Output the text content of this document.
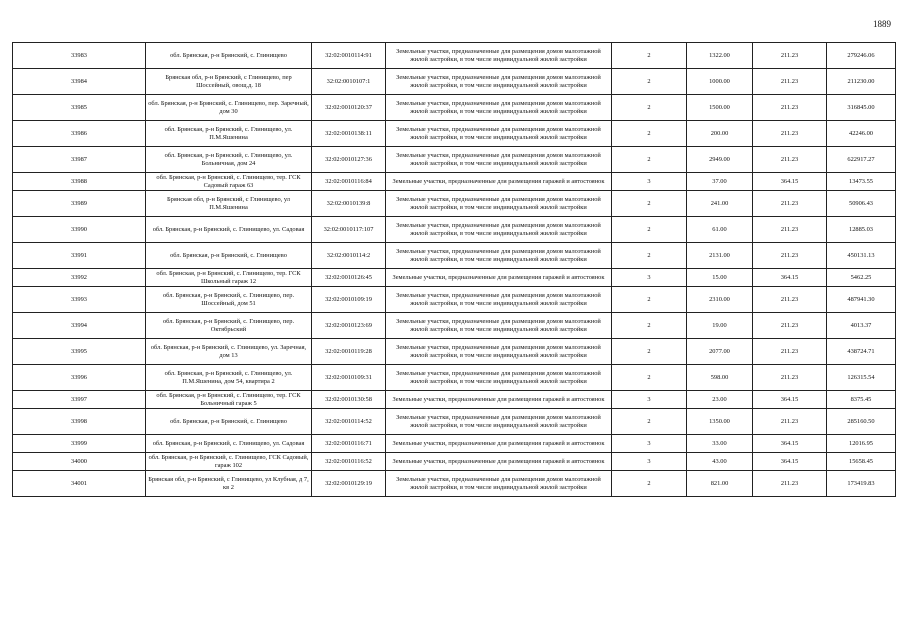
1889
33983	обл. Брянская, р-н Брянский, с. Глинищево	32:02:0010114:91	Земельные участки, предназначенные для размещения домов малоэтажной жилой застройки, в том числе индивидуальной жилой застройки	2	1322.00	211.23	279246.06
33984	Брянская обл, р-н Брянский, с Глинищево, пер Шоссейный, овощ.д. 18	32:02:0010107:1	Земельные участки, предназначенные для размещения домов малоэтажной жилой застройки, в том числе индивидуальной жилой застройки	2	1000.00	211.23	211230.00
33985	обл. Брянская, р-н Брянский, с. Глинищево, пер. Заречный, дом 30	32:02:0010120:37	Земельные участки, предназначенные для размещения домов малоэтажной жилой застройки, в том числе индивидуальной жилой застройки	2	1500.00	211.23	316845.00
33986	обл. Брянская, р-н Брянский, с. Глинищево, ул. П.М.Яшенина	32:02:0010138:11	Земельные участки, предназначенные для размещения домов малоэтажной жилой застройки, в том числе индивидуальной жилой застройки	2	200.00	211.23	42246.00
33987	обл. Брянская, р-н Брянский, с. Глинищево, ул. Больничная, дом 24	32:02:0010127:36	Земельные участки, предназначенные для размещения домов малоэтажной жилой застройки, в том числе индивидуальной жилой застройки	2	2949.00	211.23	622917.27
33988	обл. Брянская, р-н Брянский, с. Глинищево, тер. ГСК Садовый гараж 63	32:02:0010116:84	Земельные участки, предназначенные для размещения гаражей и автостоянок	3	37.00	364.15	13473.55
33989	Брянская обл, р-н Брянский, с Глинищево, ул П.М.Яшенина	32:02:0010139:8	Земельные участки, предназначенные для размещения домов малоэтажной жилой застройки, в том числе индивидуальной жилой застройки	2	241.00	211.23	50906.43
33990	обл. Брянская, р-н Брянский, с. Глинищево, ул. Садовая	32:02:0010117:107	Земельные участки, предназначенные для размещения домов малоэтажной жилой застройки, в том числе индивидуальной жилой застройки	2	61.00	211.23	12885.03
33991	обл. Брянская, р-н Брянский, с. Глинищево	32:02:0010114:2	Земельные участки, предназначенные для размещения домов малоэтажной жилой застройки, в том числе индивидуальной жилой застройки	2	2131.00	211.23	450131.13
33992	обл. Брянская, р-н Брянский, с. Глинищево, тер. ГСК Школьный гараж 12	32:02:0010126:45	Земельные участки, предназначенные для размещения гаражей и автостоянок	3	15.00	364.15	5462.25
33993	обл. Брянская, р-н Брянский, с. Глинищево, пер. Шоссейный, дом 51	32:02:0010109:19	Земельные участки, предназначенные для размещения домов малоэтажной жилой застройки, в том числе индивидуальной жилой застройки	2	2310.00	211.23	487941.30
33994	обл. Брянская, р-н Брянский, с. Глинищево, пер. Октябрьский	32:02:0010123:69	Земельные участки, предназначенные для размещения домов малоэтажной жилой застройки, в том числе индивидуальной жилой застройки	2	19.00	211.23	4013.37
33995	обл. Брянская, р-н Брянский, с. Глинищево, ул. Заречная, дом 13	32:02:0010119:28	Земельные участки, предназначенные для размещения домов малоэтажной жилой застройки, в том числе индивидуальной жилой застройки	2	2077.00	211.23	438724.71
33996	обл. Брянская, р-н Брянский, с. Глинищево, ул. П.М.Яшенина, дом 54, квартира 2	32:02:0010109:31	Земельные участки, предназначенные для размещения домов малоэтажной жилой застройки, в том числе индивидуальной жилой застройки	2	598.00	211.23	126315.54
33997	обл. Брянская, р-н Брянский, с. Глинищево, тер. ГСК Больничный гараж 5	32:02:0010130:58	Земельные участки, предназначенные для размещения гаражей и автостоянок	3	23.00	364.15	8375.45
33998	обл. Брянская, р-н Брянский, с. Глинищево	32:02:0010114:52	Земельные участки, предназначенные для размещения домов малоэтажной жилой застройки, в том числе индивидуальной жилой застройки	2	1350.00	211.23	285160.50
33999	обл. Брянская, р-н Брянский, с. Глинищево, ул. Садовая	32:02:0010116:71	Земельные участки, предназначенные для размещения гаражей и автостоянок	3	33.00	364.15	12016.95
34000	обл. Брянская, р-н Брянский, с. Глинищево, ГСК Садовый, гараж 102	32:02:0010116:52	Земельные участки, предназначенные для размещения гаражей и автостоянок	3	43.00	364.15	15658.45
34001	Брянская обл, р-н Брянский, с Глинищево, ул Клубная, д 7, кв 2	32:02:0010129:19	Земельные участки, предназначенные для размещения домов малоэтажной жилой застройки, в том числе индивидуальной жилой застройки	2	821.00	211.23	173419.83
